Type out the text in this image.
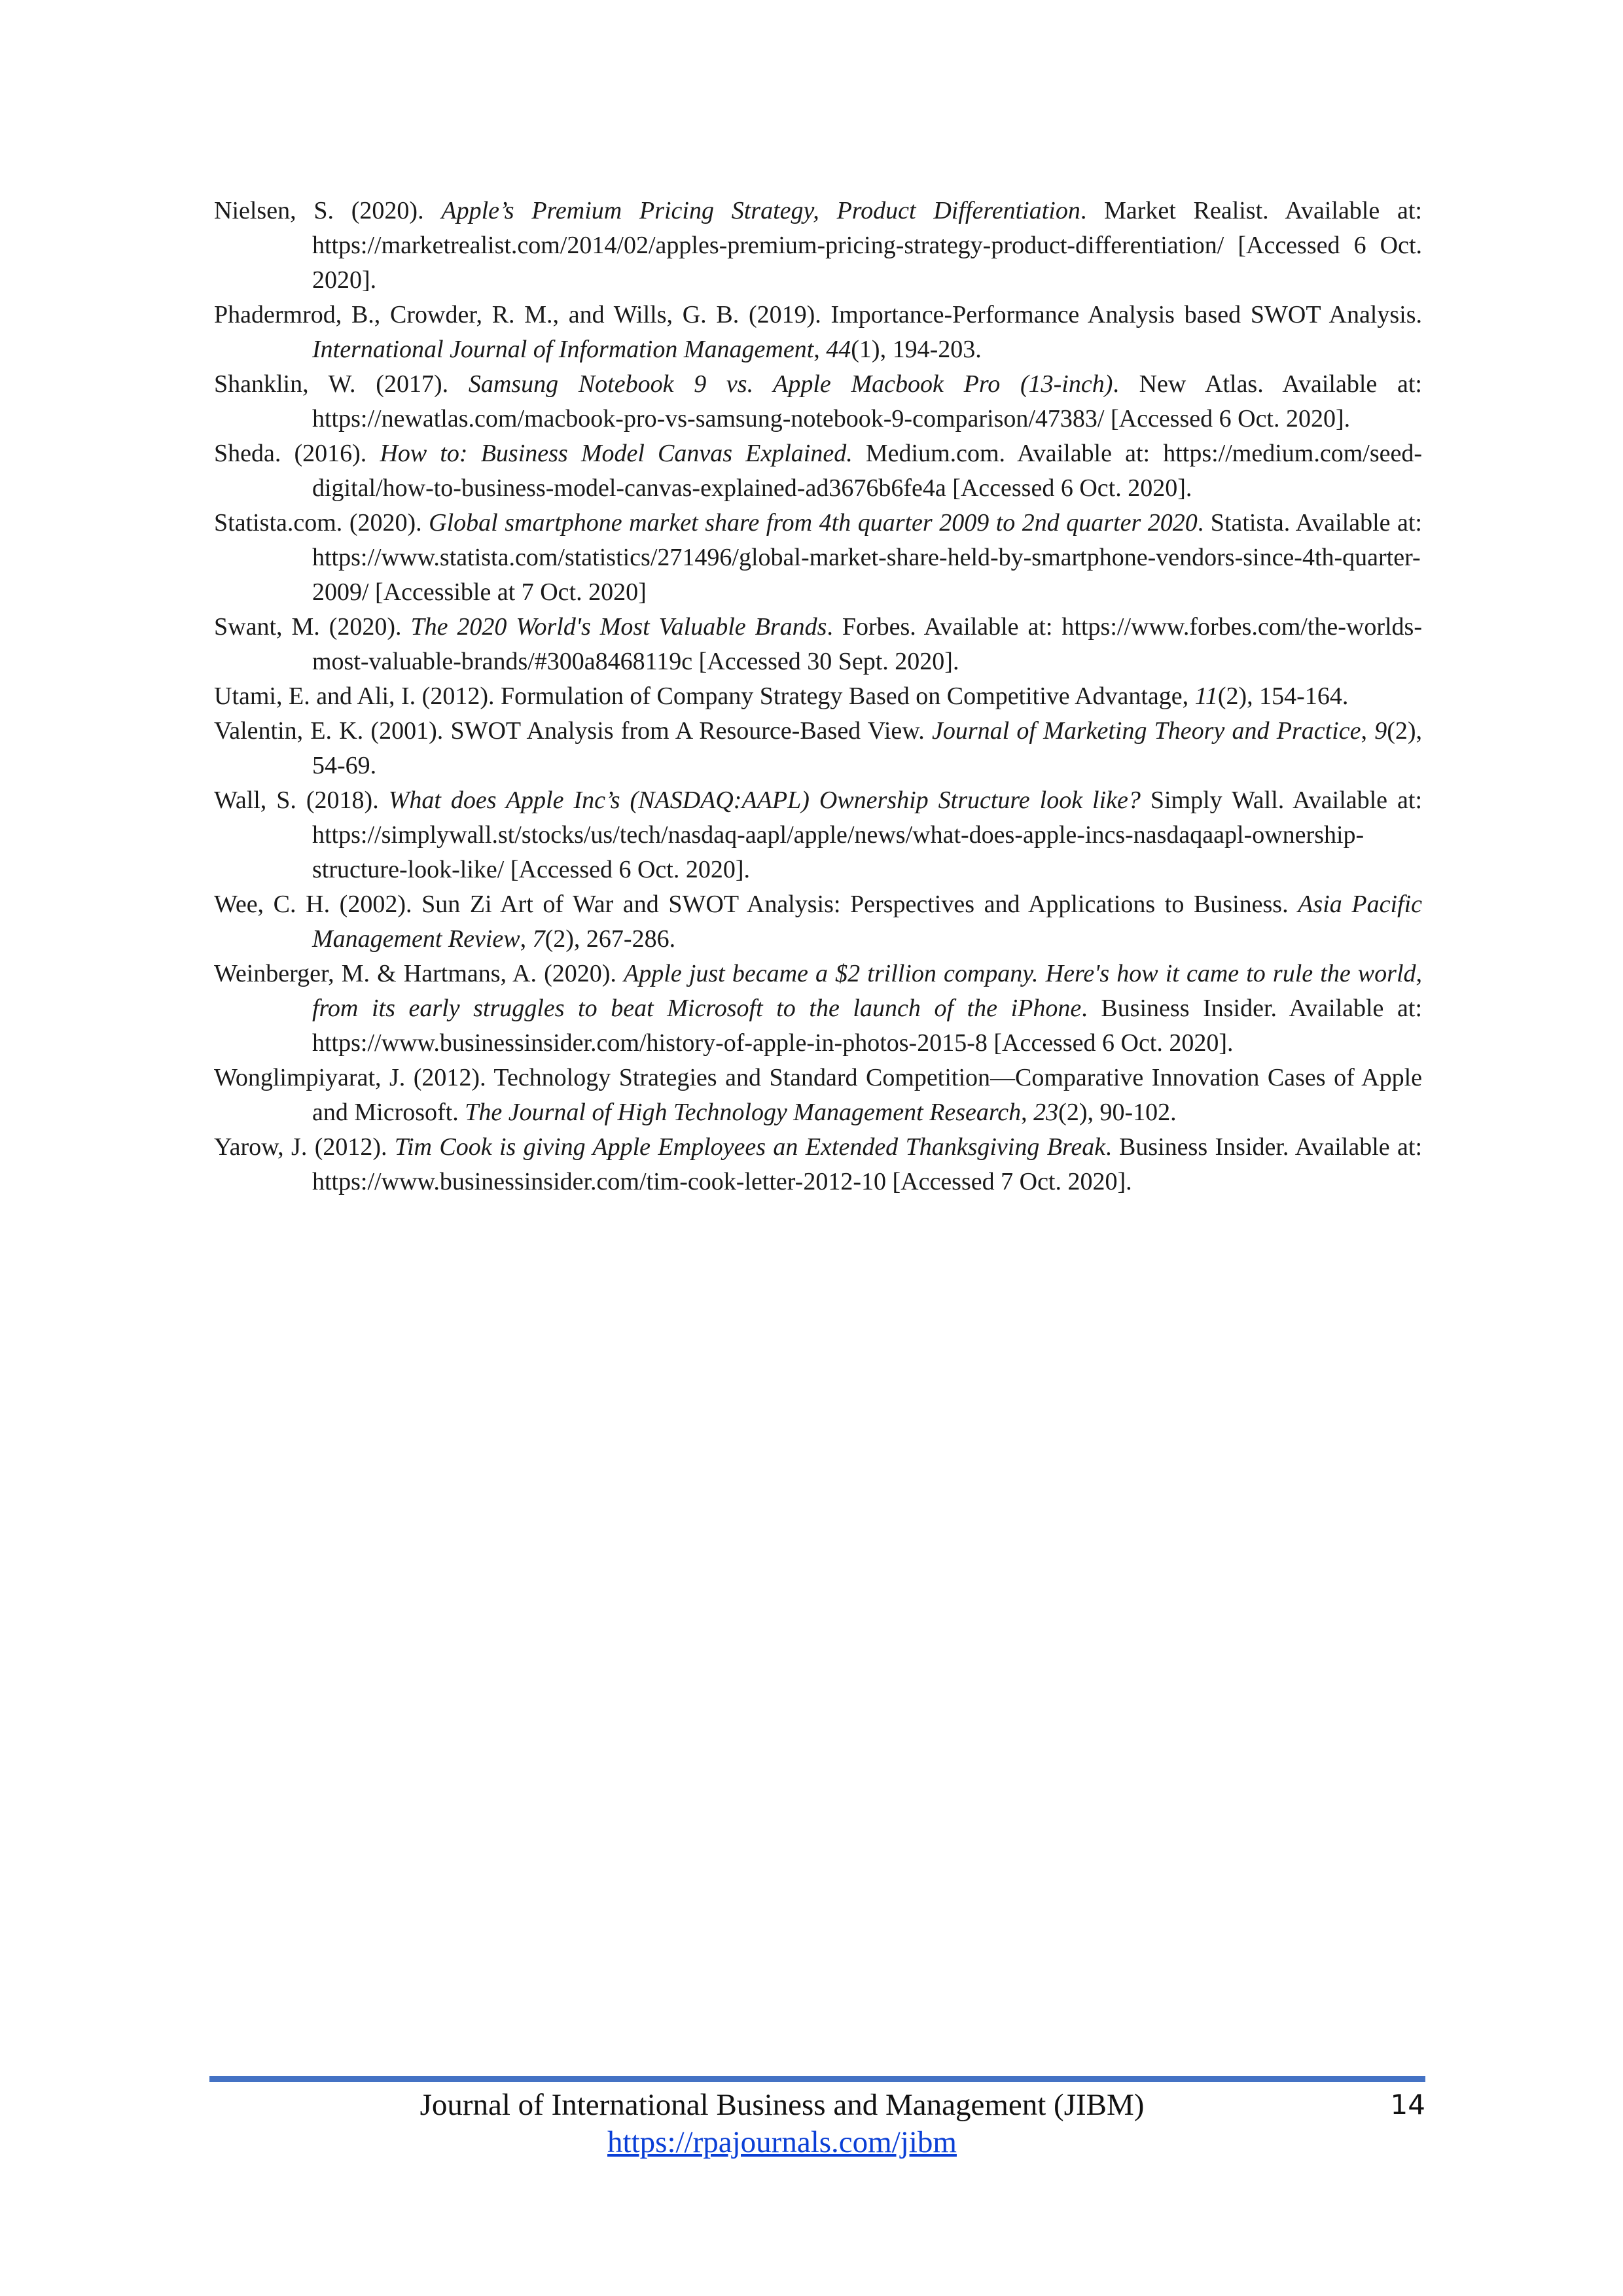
Nielsen, S. (2020). Apple’s Premium Pricing Strategy, Product Differentiation. Market Realist. Available at: https://marketrealist.com/2014/02/apples-premium-pricing-strategy-product-differentiation/ [Accessed 6 Oct. 2020].
Phadermrod, B., Crowder, R. M., and Wills, G. B. (2019). Importance-Performance Analysis based SWOT Analysis. International Journal of Information Management, 44(1), 194-203.
Shanklin, W. (2017). Samsung Notebook 9 vs. Apple Macbook Pro (13-inch). New Atlas. Available at: https://newatlas.com/macbook-pro-vs-samsung-notebook-9-comparison/47383/ [Accessed 6 Oct. 2020].
Sheda. (2016). How to: Business Model Canvas Explained. Medium.com. Available at: https://medium.com/seed-digital/how-to-business-model-canvas-explained-ad3676b6fe4a [Accessed 6 Oct. 2020].
Statista.com. (2020). Global smartphone market share from 4th quarter 2009 to 2nd quarter 2020. Statista. Available at: https://www.statista.com/statistics/271496/global-market-share-held-by-smartphone-vendors-since-4th-quarter-2009/ [Accessible at 7 Oct. 2020]
Swant, M. (2020). The 2020 World's Most Valuable Brands. Forbes. Available at: https://www.forbes.com/the-worlds-most-valuable-brands/#300a8468119c [Accessed 30 Sept. 2020].
Utami, E. and Ali, I. (2012). Formulation of Company Strategy Based on Competitive Advantage, 11(2), 154-164.
Valentin, E. K. (2001). SWOT Analysis from A Resource-Based View. Journal of Marketing Theory and Practice, 9(2), 54-69.
Wall, S. (2018). What does Apple Inc’s (NASDAQ:AAPL) Ownership Structure look like? Simply Wall. Available at: https://simplywall.st/stocks/us/tech/nasdaq-aapl/apple/news/what-does-apple-incs-nasdaqaapl-ownership-structure-look-like/ [Accessed 6 Oct. 2020].
Wee, C. H. (2002). Sun Zi Art of War and SWOT Analysis: Perspectives and Applications to Business. Asia Pacific Management Review, 7(2), 267-286.
Weinberger, M. & Hartmans, A. (2020). Apple just became a $2 trillion company. Here's how it came to rule the world, from its early struggles to beat Microsoft to the launch of the iPhone. Business Insider. Available at: https://www.businessinsider.com/history-of-apple-in-photos-2015-8 [Accessed 6 Oct. 2020].
Wonglimpiyarat, J. (2012). Technology Strategies and Standard Competition—Comparative Innovation Cases of Apple and Microsoft. The Journal of High Technology Management Research, 23(2), 90-102.
Yarow, J. (2012). Tim Cook is giving Apple Employees an Extended Thanksgiving Break. Business Insider. Available at: https://www.businessinsider.com/tim-cook-letter-2012-10 [Accessed 7 Oct. 2020].
Journal of International Business and Management (JIBM)
https://rpajournals.com/jibm
14
